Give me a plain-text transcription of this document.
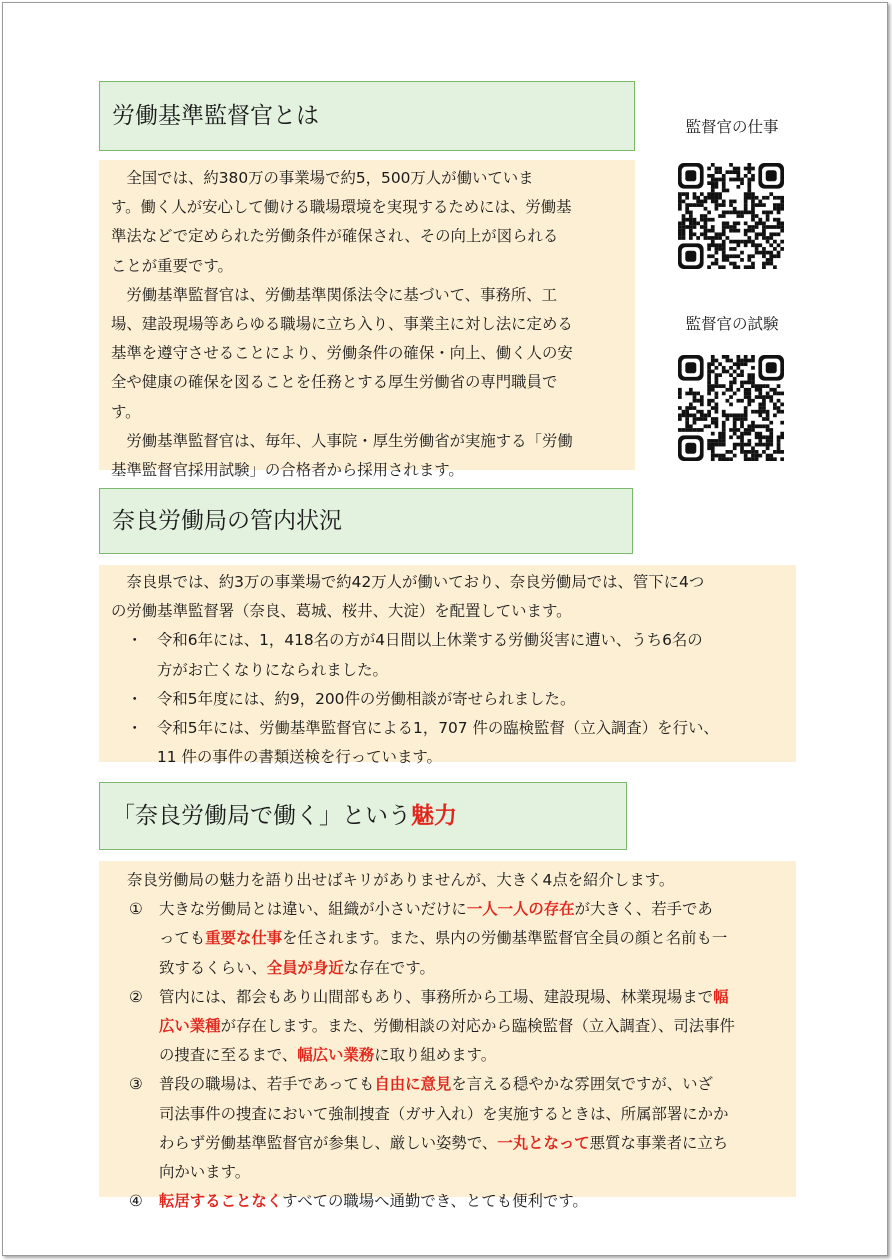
労働基準監督官とは

　全国では、約380万の事業場で約5，500万人が働いていま

す。働く人が安心して働ける職場環境を実現するためには、労働基

準法などで定められた労働条件が確保され、その向上が図られる

ことが重要です。

　労働基準監督官は、労働基準関係法令に基づいて、事務所、工

場、建設現場等あらゆる職場に立ち入り、事業主に対し法に定める

基準を遵守させることにより、労働条件の確保・向上、働く人の安

全や健康の確保を図ることを任務とする厚生労働省の専門職員で

す。

　労働基準監督官は、毎年、人事院・厚生労働省が実施する「労働

基準監督官採用試験」の合格者から採用されます。

監督官の仕事
監督官の試験
奈良労働局の管内状況

　奈良県では、約3万の事業場で約42万人が働いており、奈良労働局では、管下に4つ

の労働基準監督署（奈良、葛城、桜井、大淀）を配置しています。

・ 令和6年には、1，418名の方が4日間以上休業する労働災害に遭い、うち6名の

方がお亡くなりになられました。

・ 令和5年度には、約9，200件の労働相談が寄せられました。

・ 令和5年には、労働基準監督官による1，707 件の臨検監督（立入調査）を行い、

11 件の事件の書類送検を行っています。

「奈良労働局で働く」という 魅力

奈良労働局の魅力を語り出せばキリがありませんが、大きく4点を紹介します。

①	大きな労働局とは違い、組織が小さいだけに一人一人の存在が大きく、若手であ

っても重要な仕事を任されます。また、県内の労働基準監督官全員の顔と名前も一

致するくらい、全員が身近な存在です。

②	管内には、都会もあり山間部もあり、事務所から工場、建設現場、林業現場まで幅

広い業種が存在します。また、労働相談の対応から臨検監督（立入調査）、司法事件

の捜査に至るまで、幅広い業務に取り組めます。

③	普段の職場は、若手であっても自由に意見を言える穏やかな雰囲気ですが、いざ

司法事件の捜査において強制捜査（ガサ入れ）を実施するときは、所属部署にかか

わらず労働基準監督官が参集し、厳しい姿勢で、一丸となって悪質な事業者に立ち

向かいます。

④	転居することなくすべての職場へ通勤でき、とても便利です。
